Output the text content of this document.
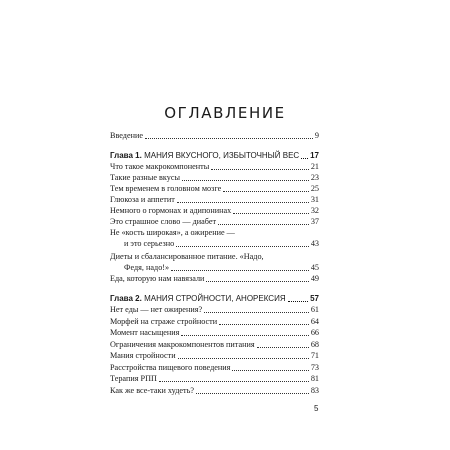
ОГЛАВЛЕНИЕ
Введение	9
Глава 1. МАНИЯ ВКУСНОГО, ИЗБЫТОЧНЫЙ ВЕС 17
Что такое макрокомпоненты	21
Такие разные вкусы	23
Тем временем в головном мозге	25
Глюкоза и аппетит	31
Немного о гормонах и адипонинах	32
Это страшное слово — диабет	37
Не «кость широкая», а ожирение —
и это серьезно	43
Диеты и сбалансированное питание. «Надо,
Федя, надо!»	45
Еда, которую нам навязали	49
Глава 2. МАНИЯ СТРОЙНОСТИ, АНОРЕКСИЯ	57
Нет еды — нет ожирения?	61
Морфей на страже стройности	64
Момент насыщения	66
Ограничения макрокомпонентов питания	68
Мания стройности	71
Расстройства пищевого поведения	73
Терапия РПП	81
Как же все-таки худеть?	83
5
